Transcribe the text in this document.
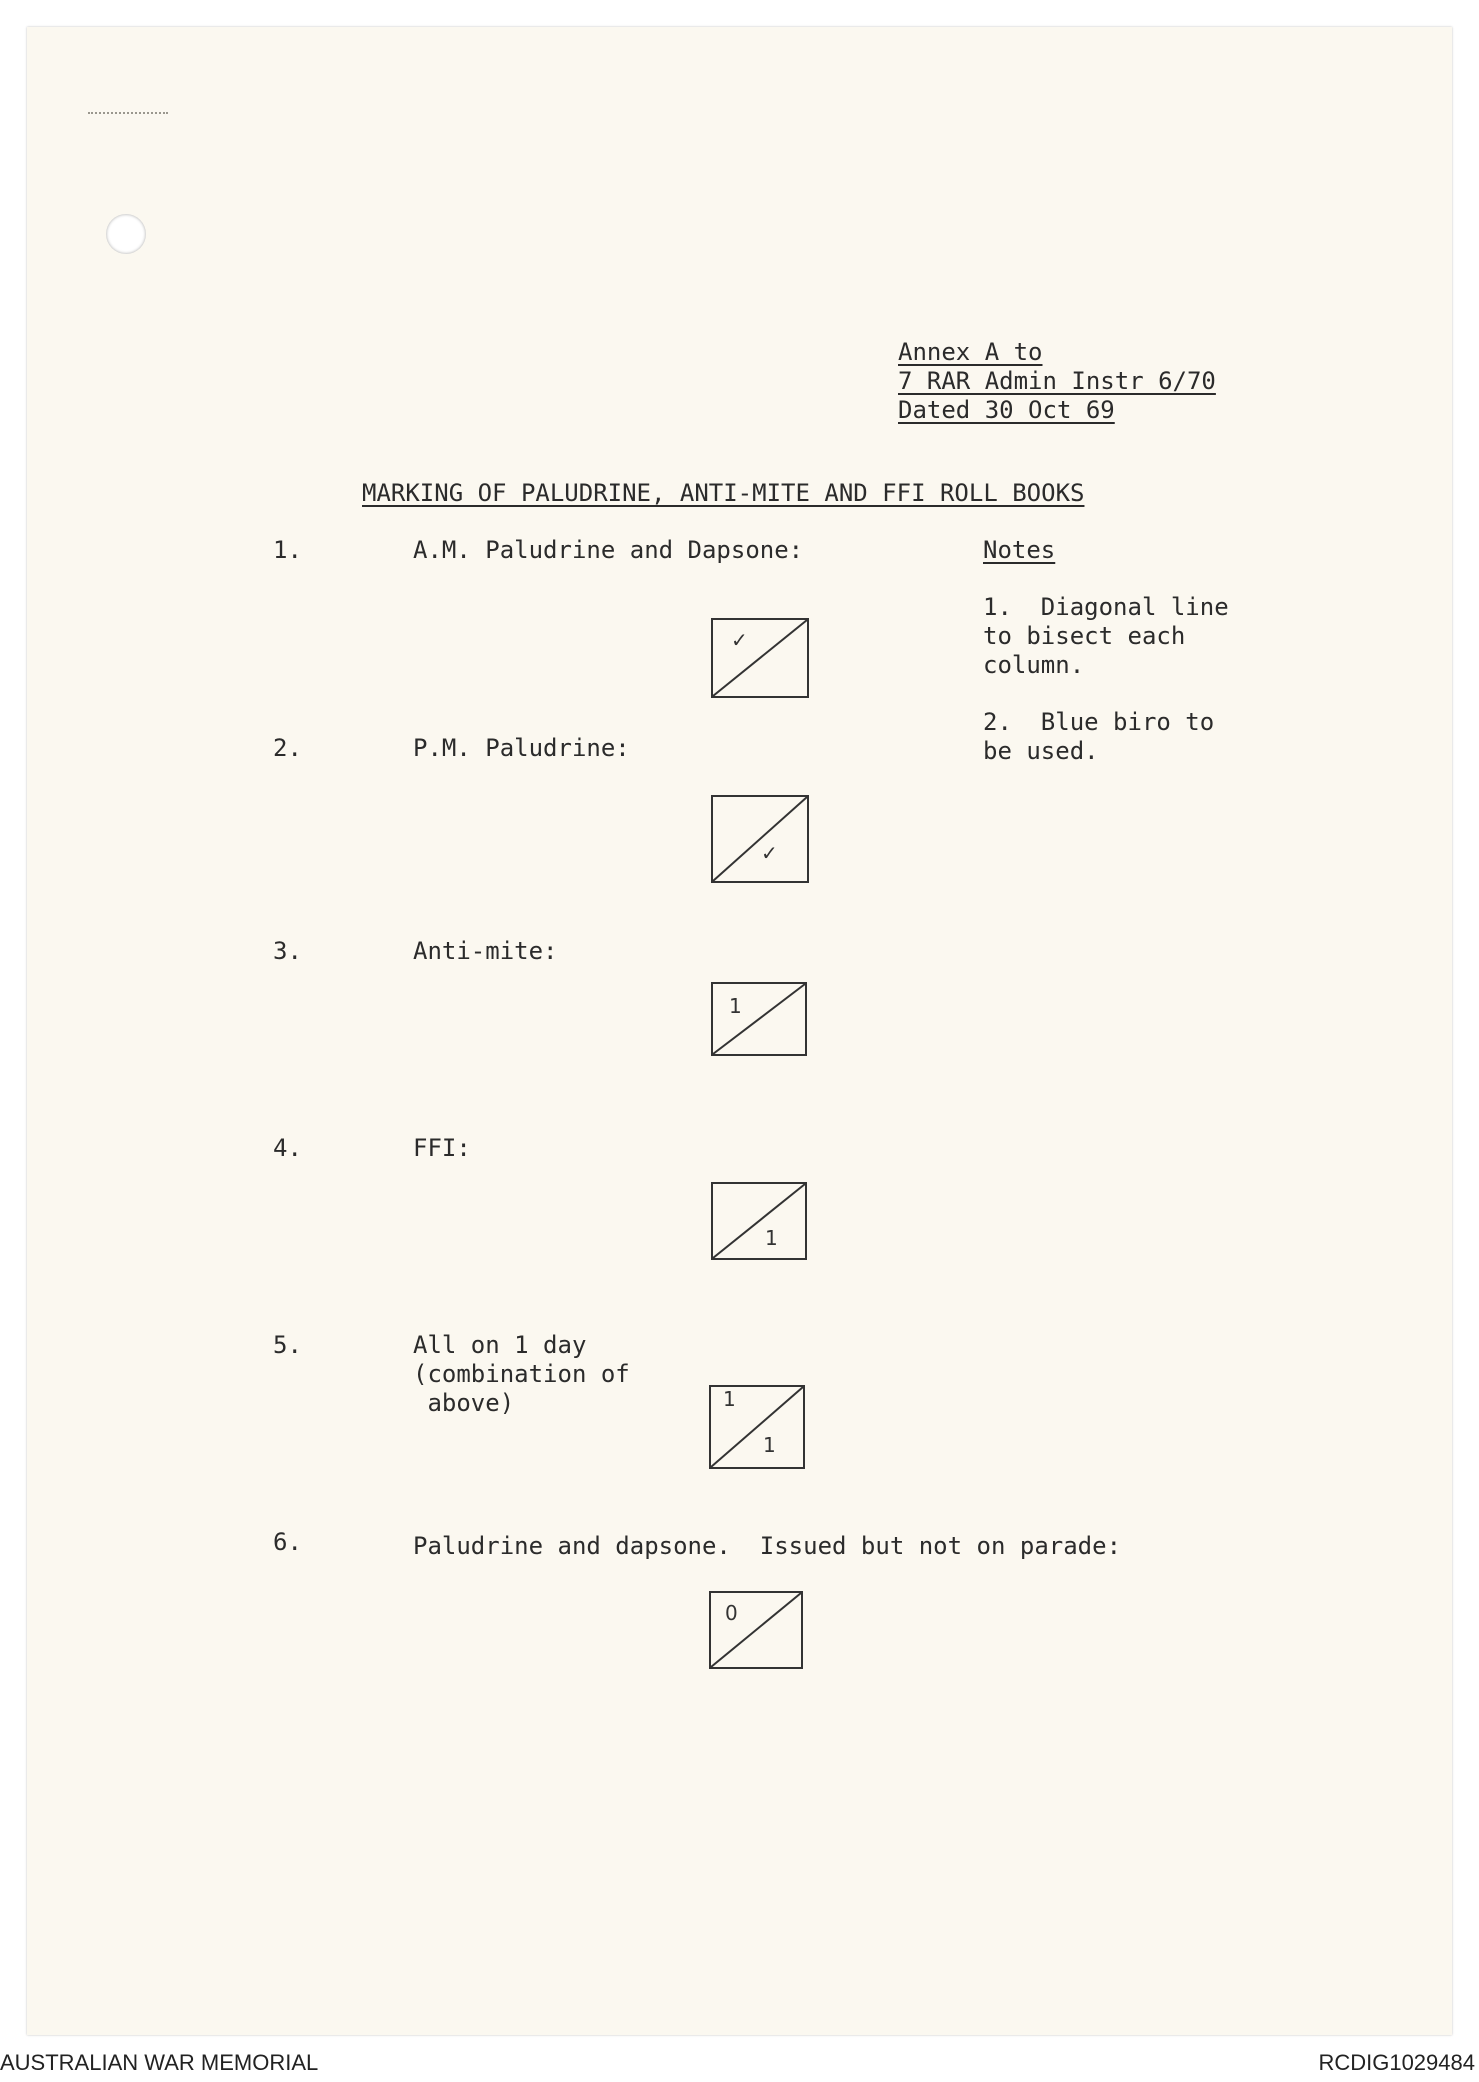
Annex A to
7 RAR Admin Instr 6/70
Dated 30 Oct 69
MARKING OF PALUDRINE, ANTI-MITE AND FFI ROLL BOOKS
Notes
1.  Diagonal line
to bisect each
column.
2.  Blue biro to
be used.
1.	A.M. Paludrine and Dapsone:
✓
2.	P.M. Paludrine:
✓
3.	Anti-mite:
1
4.	FFI:
1
5.	All on 1 day
(combination of
above)	1
1
6.	Paludrine and dapsone.  Issued but not on parade:
0
AUSTRALIAN WAR MEMORIAL	RCDIG1029484
